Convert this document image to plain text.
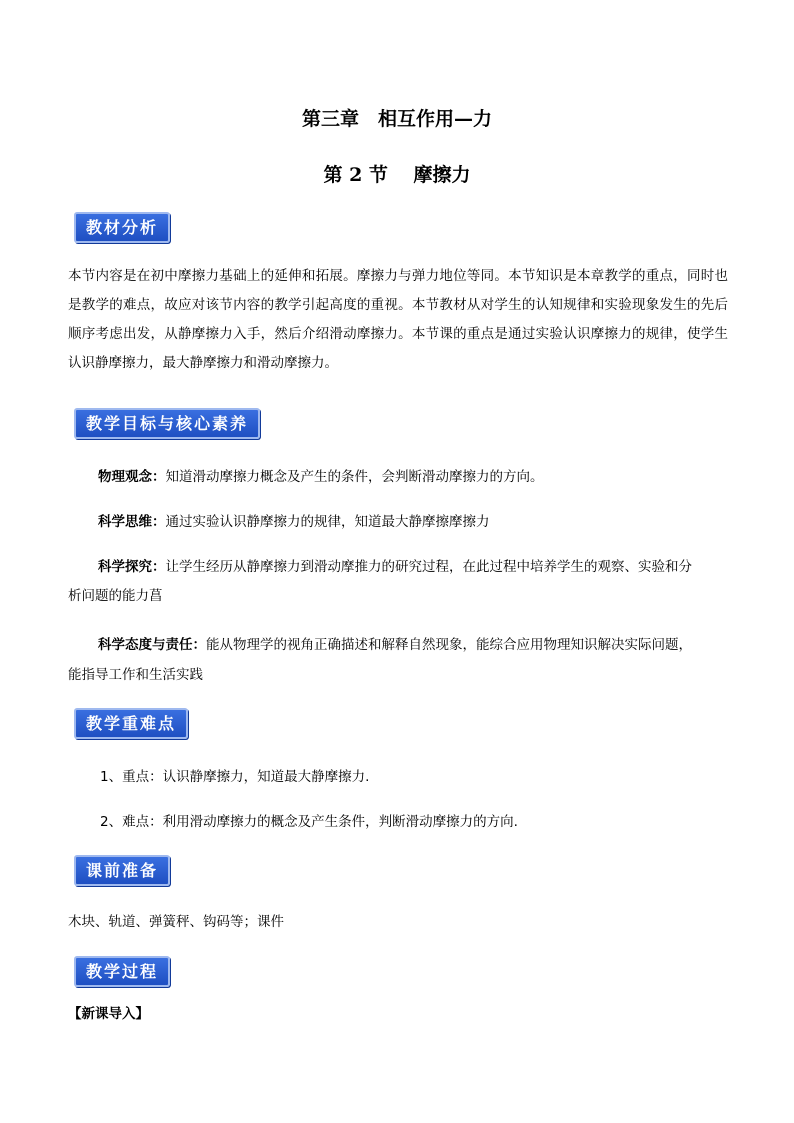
第三章　相互作用—力
第 2 节　 摩擦力
教材分析
本节内容是在初中摩擦力基础上的延伸和拓展。摩擦力与弹力地位等同。本节知识是本章教学的重点，同时也是教学的难点，故应对该节内容的教学引起高度的重视。本节教材从对学生的认知规律和实验现象发生的先后顺序考虑出发，从静摩擦力入手，然后介绍滑动摩擦力。本节课的重点是通过实验认识摩擦力的规律，使学生认识静摩擦力，最大静摩擦力和滑动摩擦力。
教学目标与核心素养
物理观念：知道滑动摩擦力概念及产生的条件，会判断滑动摩擦力的方向。
科学思维：通过实验认识静摩擦力的规律，知道最大静摩擦摩擦力
科学探究：让学生经历从静摩擦力到滑动摩推力的研究过程，在此过程中培养学生的观察、实验和分
析问题的能力菖
科学态度与责任：能从物理学的视角正确描述和解释自然现象，能综合应用物理知识解决实际问题，
能指导工作和生活实践
教学重难点
1、重点：认识静摩擦力，知道最大静摩擦力.
2、难点：利用滑动摩擦力的概念及产生条件，判断滑动摩擦力的方向.
课前准备
木块、轨道、弹簧秤、钩码等；课件
教学过程
【新课导入】
